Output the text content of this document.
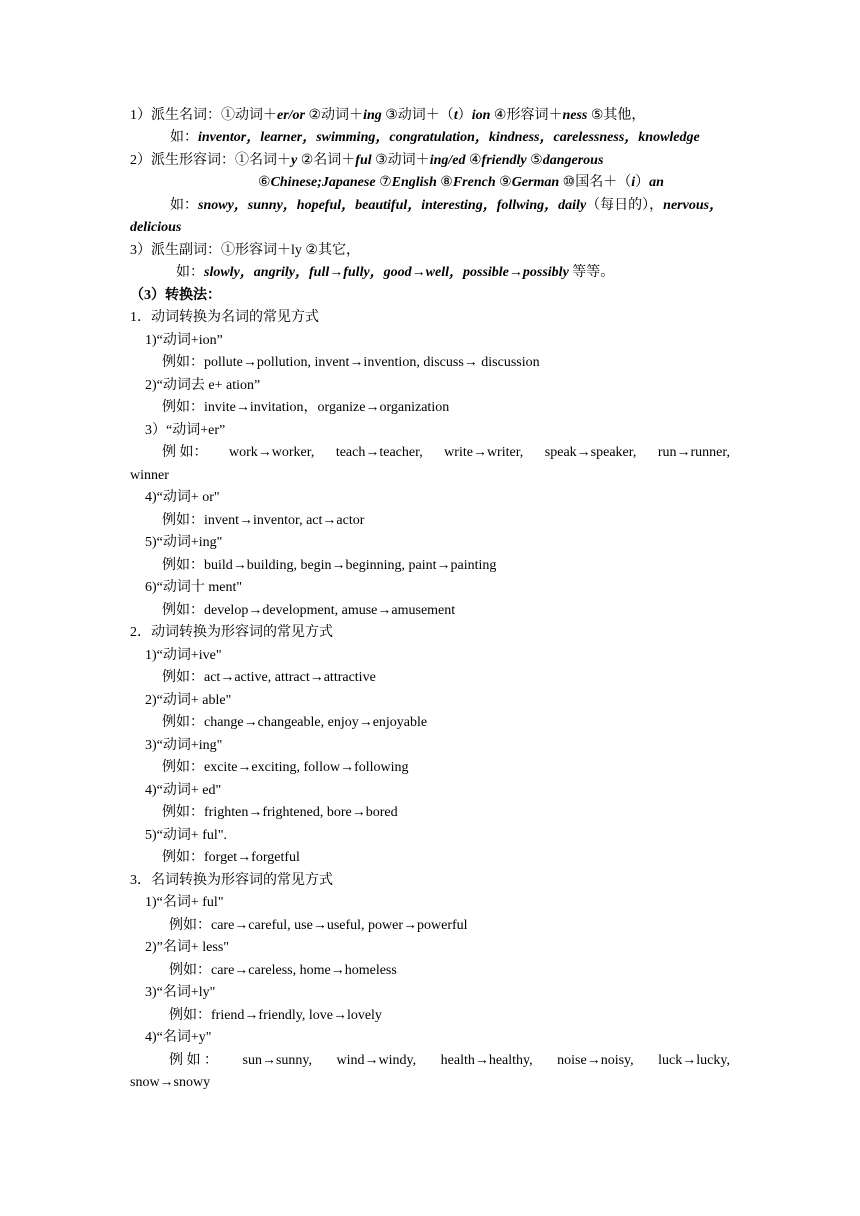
1）派生名词：①动词＋er/or ②动词＋ing ③动词＋（t）ion ④形容词＋ness ⑤其他，
如：inventor，learner，swimming，congratulation，kindness，carelessness，knowledge
2）派生形容词：①名词＋y ②名词＋ful ③动词＋ing/ed ④friendly ⑤dangerous
⑥Chinese;Japanese ⑦English ⑧French ⑨German ⑩国名＋（i）an
如：snowy，sunny，hopeful，beautiful，interesting，follwing，daily（每日的），nervous，
delicious
3）派生副词：①形容词＋ly ②其它，
如：slowly，angrily，full→fully，good→well，possible→possibly 等等。
（3）转换法：
1．动词转换为名词的常见方式
1)“动词+ion”
例如：pollute→pollution, invent→invention, discuss→ discussion
2)“动词去 e+ ation”
例如：invite→invitation，organize→organization
3）“动词+er”
例 如： work→worker, teach→teacher, write→writer, speak→speaker, run→runner,
winner
4)“动词+ or"
例如：invent→inventor, act→actor
5)“动词+ing"
例如：build→building, begin→beginning, paint→painting
6)“动词十 ment"
例如：develop→development, amuse→amusement
2．动词转换为形容词的常见方式
1)“动词+ive"
例如：act→active, attract→attractive
2)“动词+ able"
例如：change→changeable, enjoy→enjoyable
3)“动词+ing"
例如：excite→exciting, follow→following
4)“动词+ ed"
例如：frighten→frightened, bore→bored
5)“动词+ ful".
例如：forget→forgetful
3．名词转换为形容词的常见方式
1)“名词+ ful"
例如：care→careful, use→useful, power→powerful
2)”名词+ less"
例如：care→careless, home→homeless
3)“名词+ly"
例如：friend→friendly, love→lovely
4)“名词+y"
例 如 ： sun→sunny, wind→windy, health→healthy, noise→noisy, luck→lucky,
snow→snowy
